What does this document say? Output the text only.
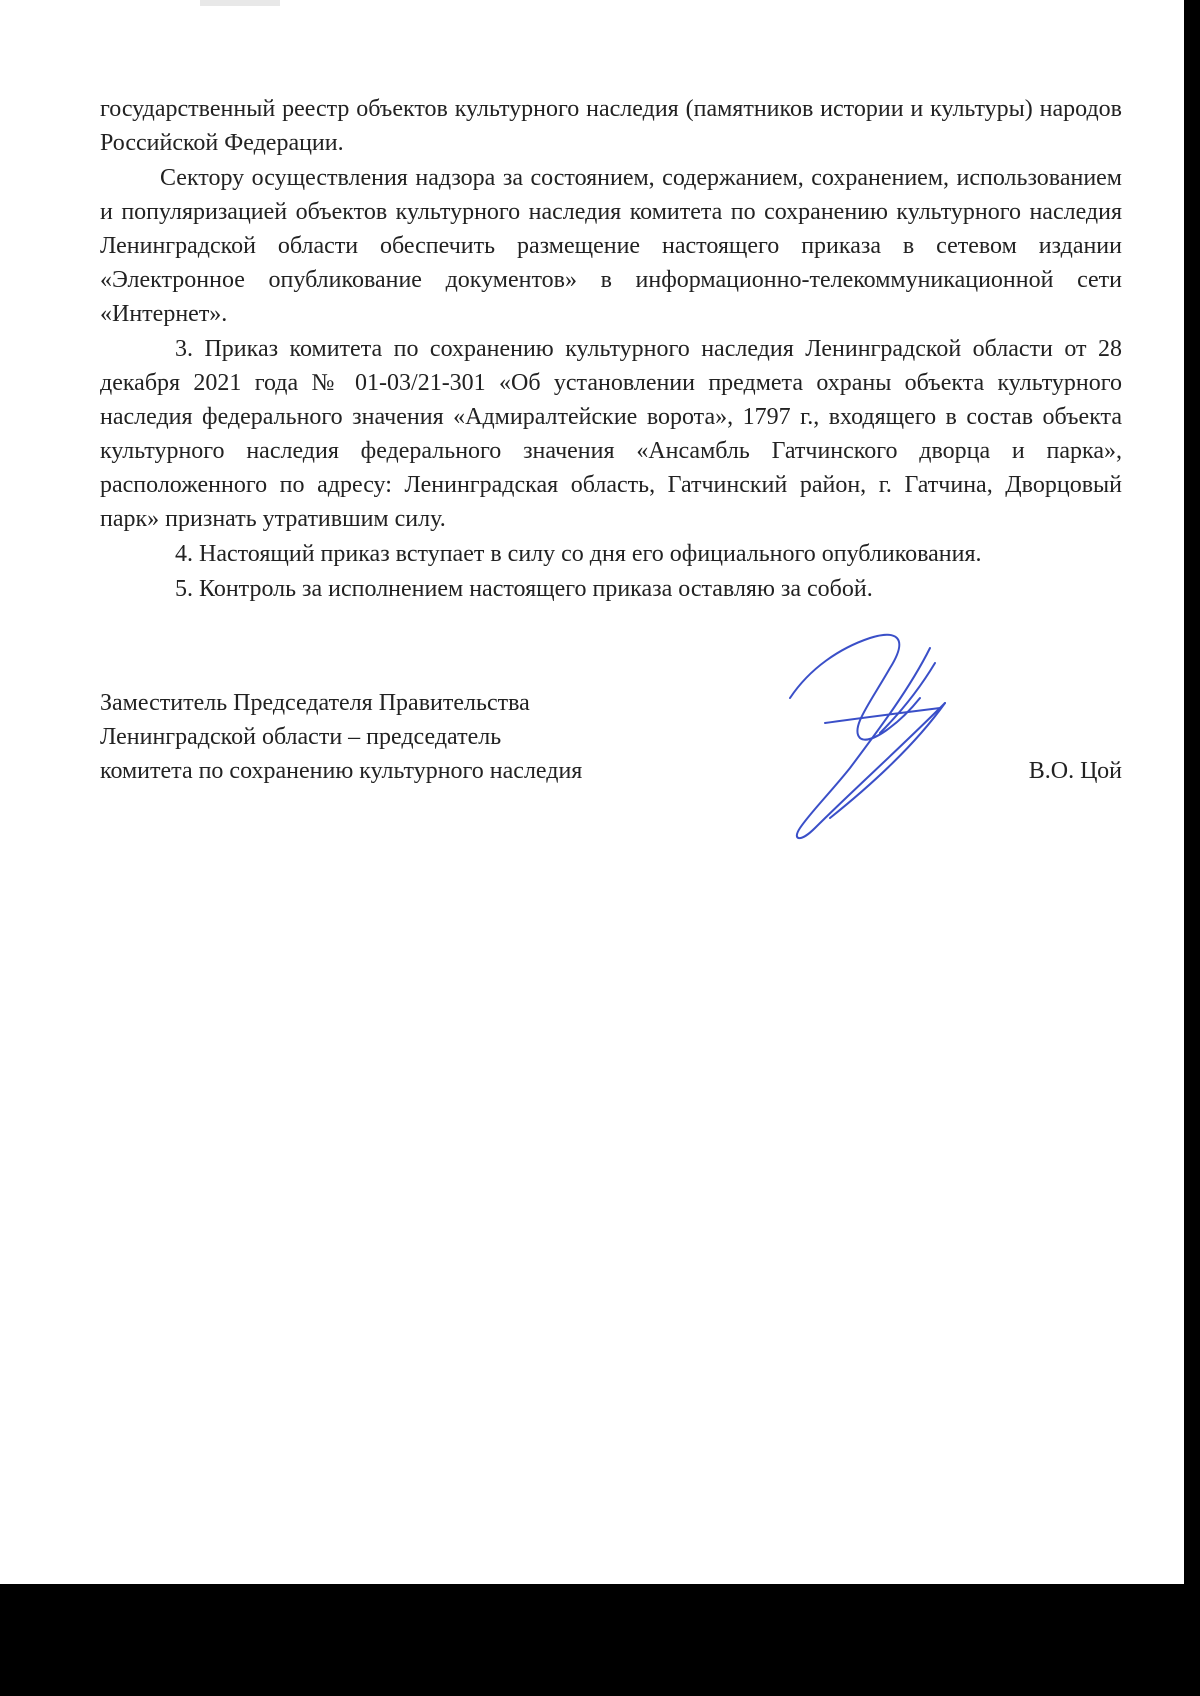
государственный реестр объектов культурного наследия (памятников истории и культуры) народов Российской Федерации.

Сектору осуществления надзора за состоянием, содержанием, сохранением, использованием и популяризацией объектов культурного наследия комитета по сохранению культурного наследия Ленинградской области обеспечить размещение настоящего приказа в сетевом издании «Электронное опубликование документов» в информационно-телекоммуникационной сети «Интернет».

3. Приказ комитета по сохранению культурного наследия Ленинградской области от 28 декабря 2021 года № 01-03/21-301 «Об установлении предмета охраны объекта культурного наследия федерального значения «Адмиралтейские ворота», 1797 г., входящего в состав объекта культурного наследия федерального значения «Ансамбль Гатчинского дворца и парка», расположенного по адресу: Ленинградская область, Гатчинский район, г. Гатчина, Дворцовый парк» признать утратившим силу.

4. Настоящий приказ вступает в силу со дня его официального опубликования.

5. Контроль за исполнением настоящего приказа оставляю за собой.

Заместитель Председателя Правительства

Ленинградской области – председатель

комитета по сохранению культурного наследия	В.О. Цой
